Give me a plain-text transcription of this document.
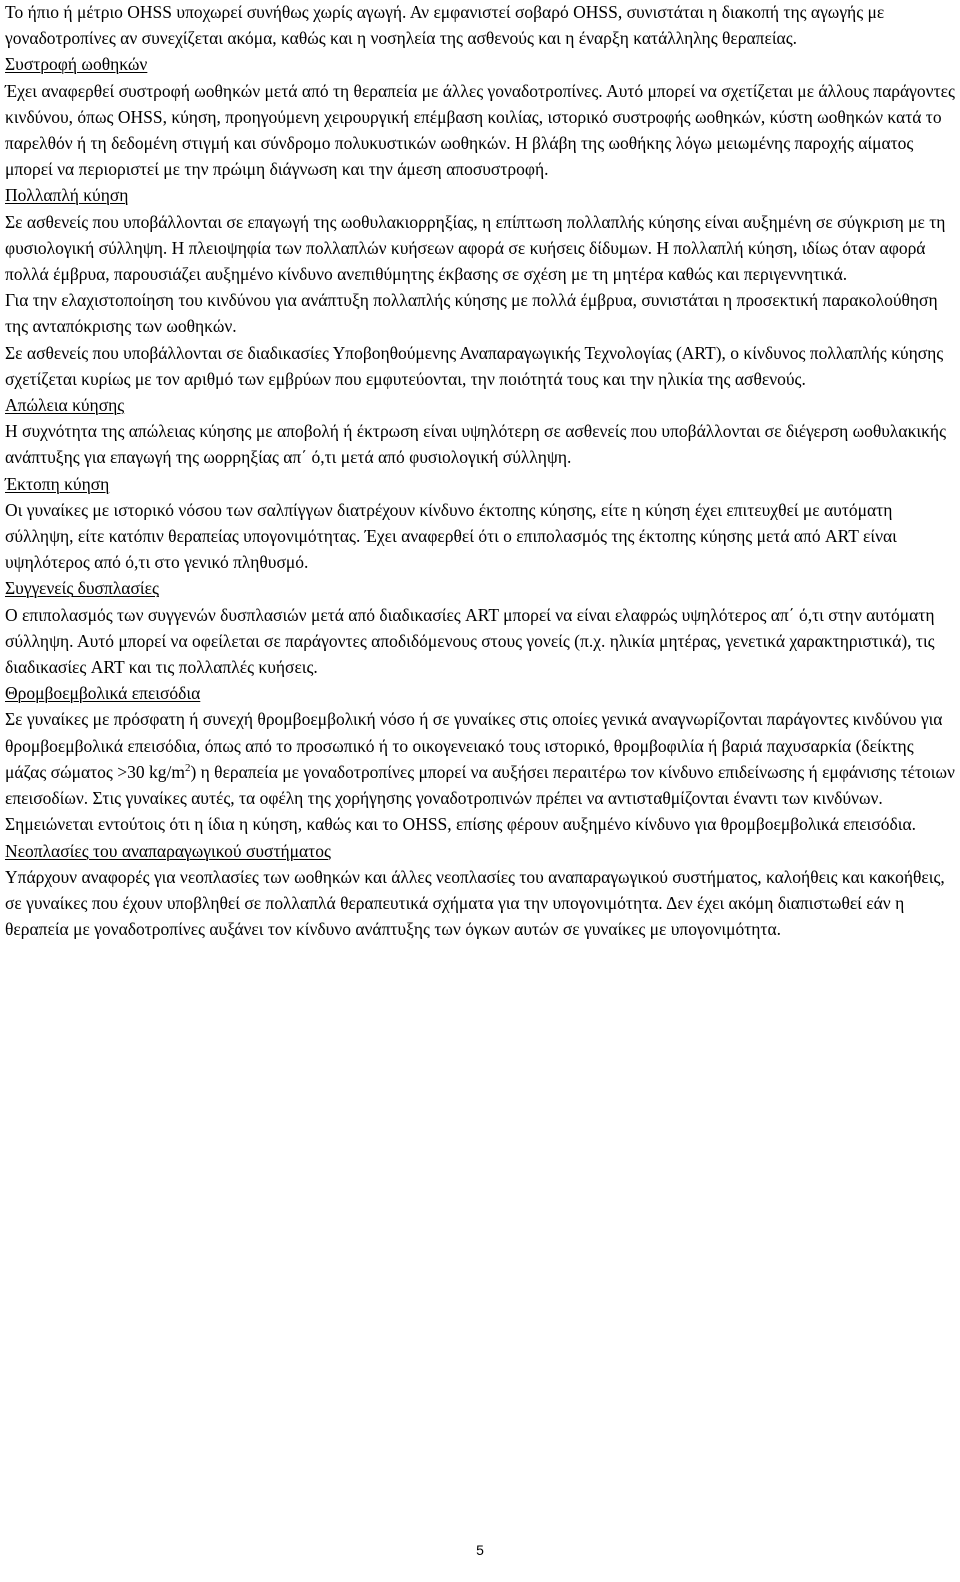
Το ήπιο ή μέτριο OHSS υποχωρεί συνήθως χωρίς αγωγή. Αν εμφανιστεί σοβαρό OHSS, συνιστάται η διακοπή της αγωγής με γοναδοτροπίνες αν συνεχίζεται ακόμα, καθώς και η νοσηλεία της ασθενούς και η έναρξη κατάλληλης θεραπείας.

Συστροφή ωοθηκών
Έχει αναφερθεί συστροφή ωοθηκών μετά από τη θεραπεία με άλλες γοναδοτροπίνες. Αυτό μπορεί να σχετίζεται με άλλους παράγοντες κινδύνου, όπως OHSS, κύηση, προηγούμενη χειρουργική επέμβαση κοιλίας, ιστορικό συστροφής ωοθηκών, κύστη ωοθηκών κατά το παρελθόν ή τη δεδομένη στιγμή και σύνδρομο πολυκυστικών ωοθηκών. Η βλάβη της ωοθήκης λόγω μειωμένης παροχής αίματος μπορεί να περιοριστεί με την πρώιμη διάγνωση και την άμεση αποσυστροφή.

Πολλαπλή κύηση
Σε ασθενείς που υποβάλλονται σε επαγωγή της ωοθυλακιορρηξίας, η επίπτωση πολλαπλής κύησης είναι αυξημένη σε σύγκριση με τη φυσιολογική σύλληψη. Η πλειοψηφία των πολλαπλών κυήσεων αφορά σε κυήσεις δίδυμων. Η πολλαπλή κύηση, ιδίως όταν αφορά πολλά έμβρυα, παρουσιάζει αυξημένο κίνδυνο ανεπιθύμητης έκβασης σε σχέση με τη μητέρα καθώς και περιγεννητικά.

Για την ελαχιστοποίηση του κινδύνου για ανάπτυξη πολλαπλής κύησης με πολλά έμβρυα, συνιστάται η προσεκτική παρακολούθηση της ανταπόκρισης των ωοθηκών.

Σε ασθενείς που υποβάλλονται σε διαδικασίες Υποβοηθούμενης Αναπαραγωγικής Τεχνολογίας (ART), ο κίνδυνος πολλαπλής κύησης σχετίζεται κυρίως με τον αριθμό των εμβρύων που εμφυτεύονται, την ποιότητά τους και την ηλικία της ασθενούς.

Απώλεια κύησης
Η συχνότητα της απώλειας κύησης με αποβολή ή έκτρωση είναι υψηλότερη σε ασθενείς που υποβάλλονται σε διέγερση ωοθυλακικής ανάπτυξης για επαγωγή της ωορρηξίας απ΄ ό,τι μετά από φυσιολογική σύλληψη.

Έκτοπη κύηση
Οι γυναίκες με ιστορικό νόσου των σαλπίγγων διατρέχουν κίνδυνο έκτοπης κύησης, είτε η κύηση έχει επιτευχθεί με αυτόματη σύλληψη, είτε κατόπιν θεραπείας υπογονιμότητας. Έχει αναφερθεί ότι ο επιπολασμός της έκτοπης κύησης μετά από ART είναι υψηλότερος από ό,τι στο γενικό πληθυσμό.

Συγγενείς δυσπλασίες
Ο επιπολασμός των συγγενών δυσπλασιών μετά από διαδικασίες ART μπορεί να είναι ελαφρώς υψηλότερος απ΄ ό,τι στην αυτόματη σύλληψη. Αυτό μπορεί να οφείλεται σε παράγοντες αποδιδόμενους στους γονείς (π.χ. ηλικία μητέρας, γενετικά χαρακτηριστικά), τις διαδικασίες ART και τις πολλαπλές κυήσεις.

Θρομβοεμβολικά επεισόδια
Σε γυναίκες με πρόσφατη ή συνεχή θρομβοεμβολική νόσο ή σε γυναίκες στις οποίες γενικά αναγνωρίζονται παράγοντες κινδύνου για θρομβοεμβολικά επεισόδια, όπως από το προσωπικό ή το οικογενειακό τους ιστορικό, θρομβοφιλία ή βαριά παχυσαρκία (δείκτης μάζας σώματος >30 $kg/m^2$) η θεραπεία με γοναδοτροπίνες μπορεί να αυξήσει περαιτέρω τον κίνδυνο επιδείνωσης ή εμφάνισης τέτοιων επεισοδίων. Στις γυναίκες αυτές, τα οφέλη της χορήγησης γοναδοτροπινών πρέπει να αντισταθμίζονται έναντι των κινδύνων. Σημειώνεται εντούτοις ότι η ίδια η κύηση, καθώς και το OHSS, επίσης φέρουν αυξημένο κίνδυνο για θρομβοεμβολικά επεισόδια.

Νεοπλασίες του αναπαραγωγικού συστήματος
Υπάρχουν αναφορές για νεοπλασίες των ωοθηκών και άλλες νεοπλασίες του αναπαραγωγικού συστήματος, καλοήθεις και κακοήθεις, σε γυναίκες που έχουν υποβληθεί σε πολλαπλά θεραπευτικά σχήματα για την υπογονιμότητα. Δεν έχει ακόμη διαπιστωθεί εάν η θεραπεία με γοναδοτροπίνες αυξάνει τον κίνδυνο ανάπτυξης των όγκων αυτών σε γυναίκες με υπογονιμότητα.

5
